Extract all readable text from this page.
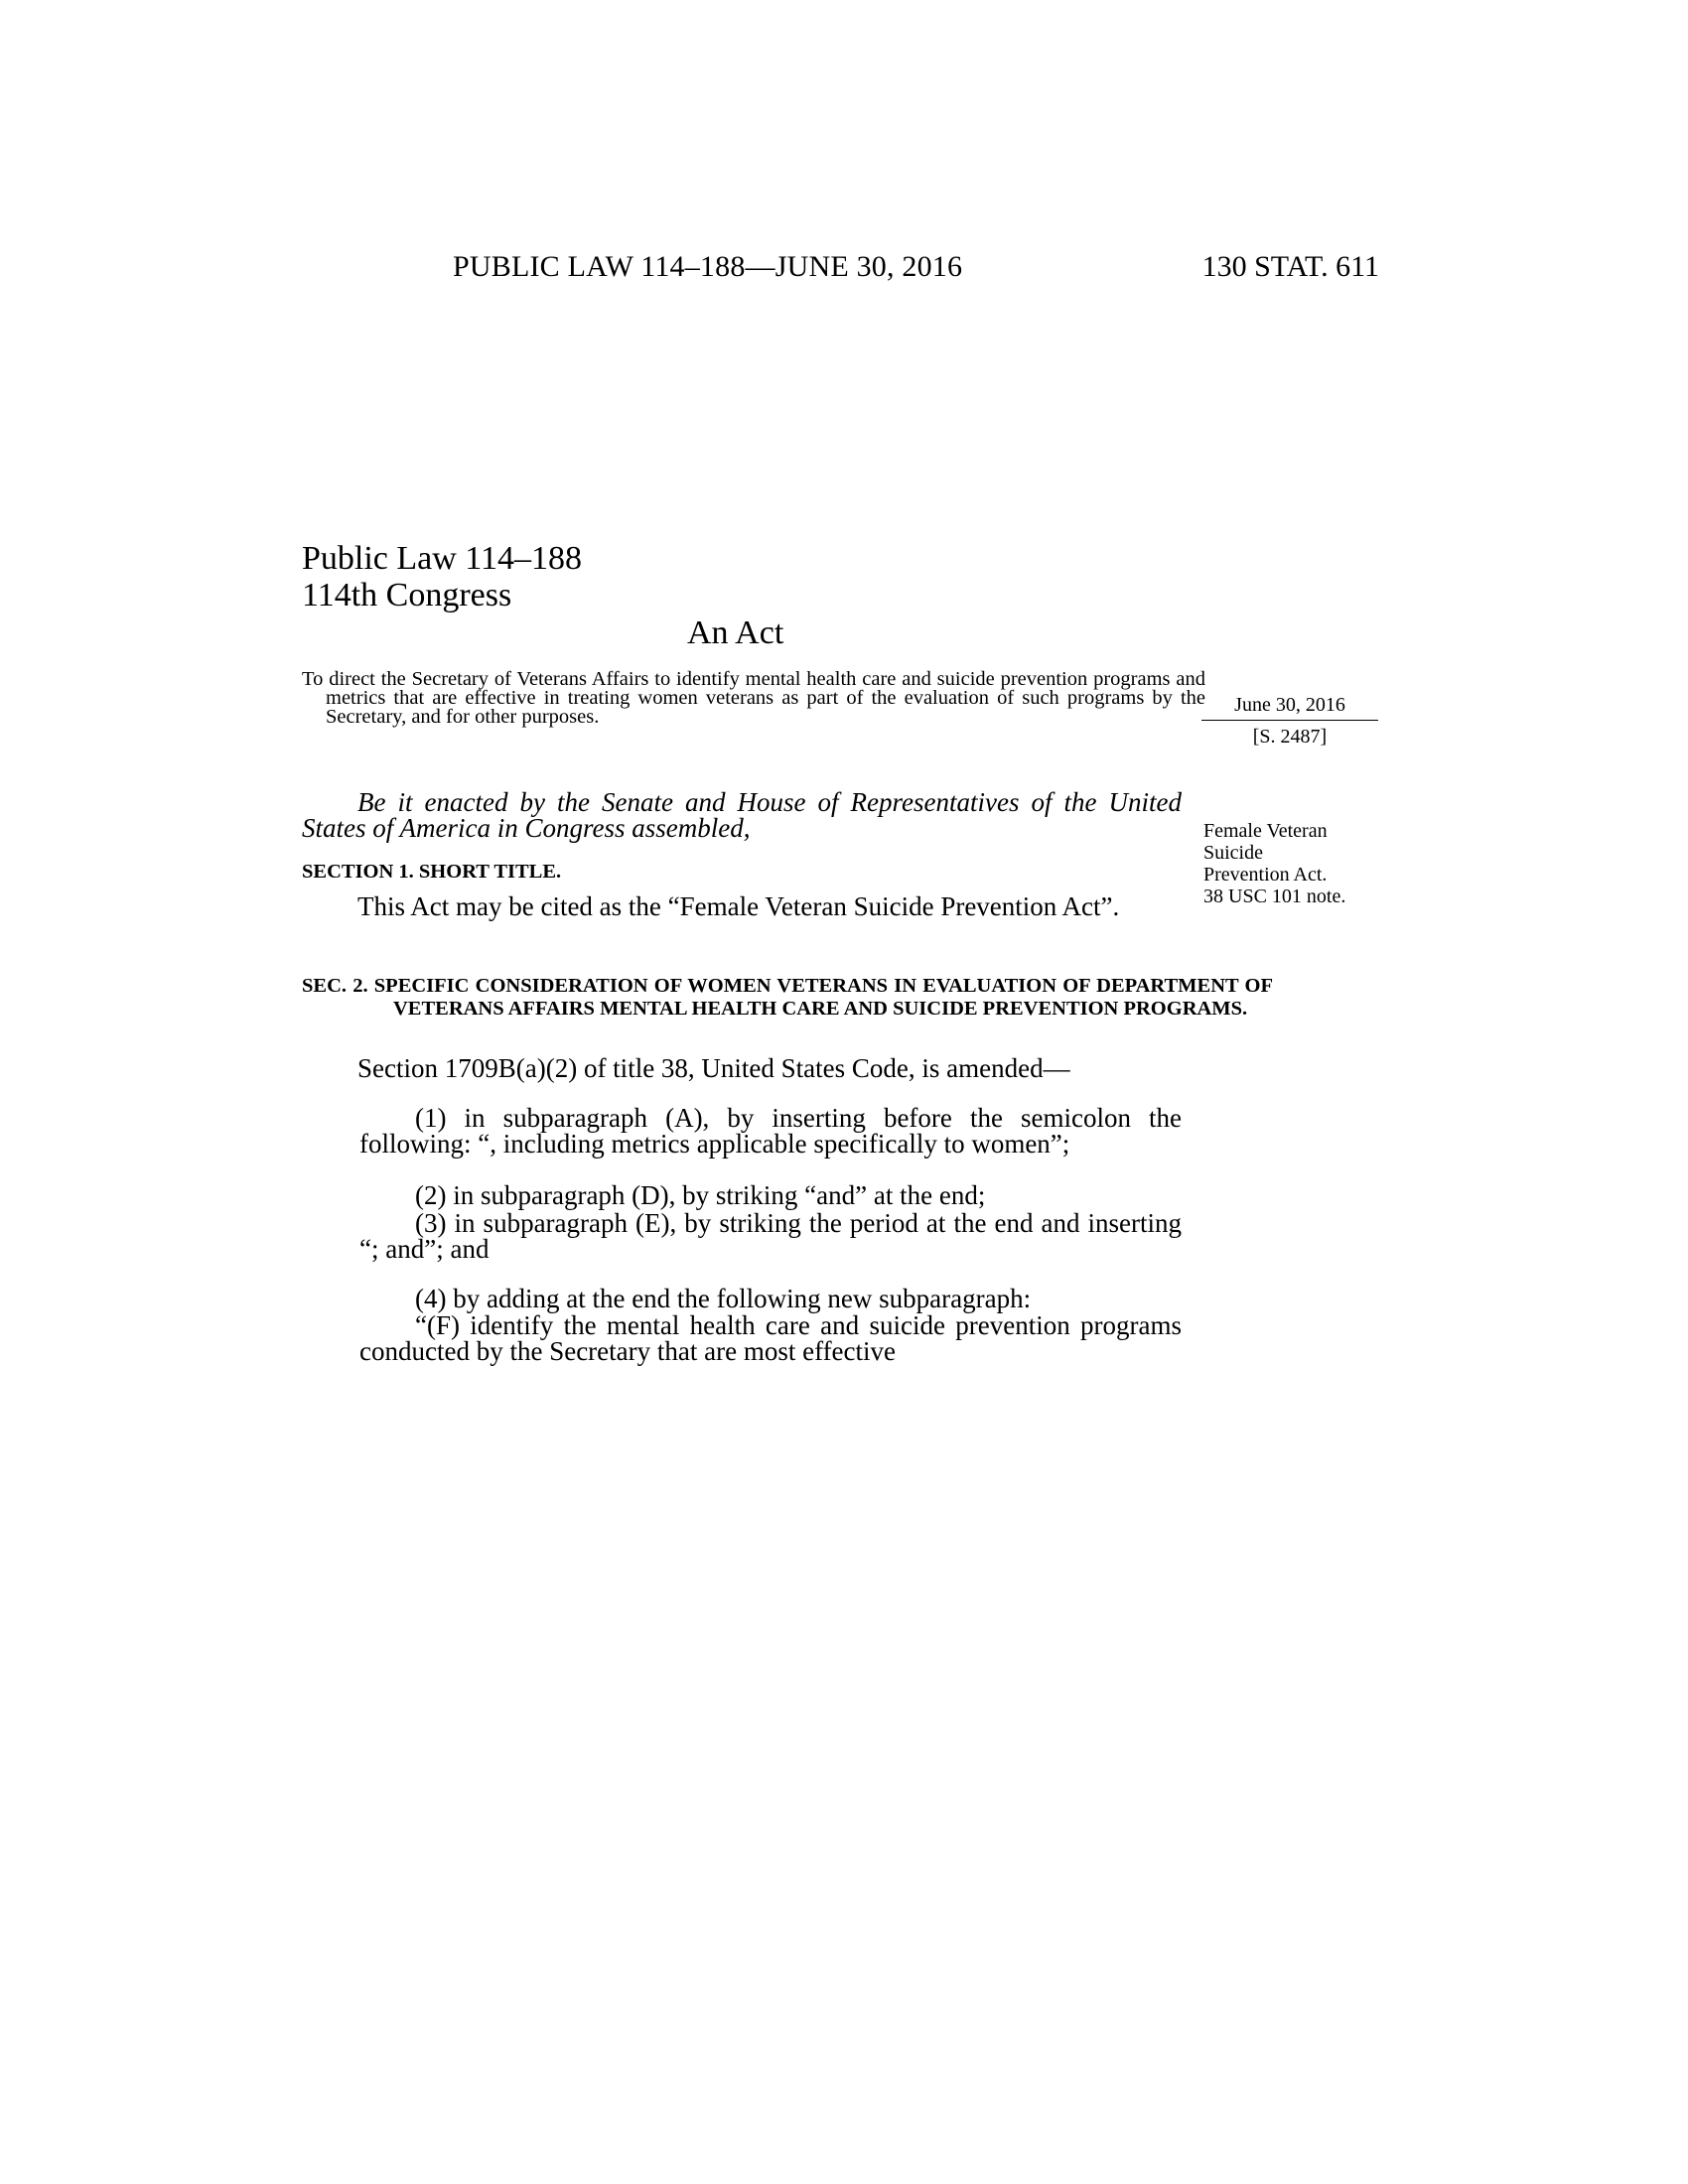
PUBLIC LAW 114–188—JUNE 30, 2016	130 STAT. 611
Public Law 114–188
114th Congress
An Act
To direct the Secretary of Veterans Affairs to identify mental health care and suicide prevention programs and metrics that are effective in treating women veterans as part of the evaluation of such programs by the Secretary, and for other purposes.
June 30, 2016
[S. 2487]
Be it enacted by the Senate and House of Representatives of the United States of America in Congress assembled,	Female Veteran
Suicide
Prevention Act.
38 USC 101 note.
SECTION 1. SHORT TITLE.
This Act may be cited as the “Female Veteran Suicide Prevention Act”.
SEC. 2. SPECIFIC CONSIDERATION OF WOMEN VETERANS IN EVALUATION OF DEPARTMENT OF VETERANS AFFAIRS MENTAL HEALTH CARE AND SUICIDE PREVENTION PROGRAMS.
Section 1709B(a)(2) of title 38, United States Code, is amended—
(1) in subparagraph (A), by inserting before the semicolon the following: “, including metrics applicable specifically to women”;
(2) in subparagraph (D), by striking “and” at the end;
(3) in subparagraph (E), by striking the period at the end and inserting “; and”; and
(4) by adding at the end the following new subparagraph:
“(F) identify the mental health care and suicide prevention programs conducted by the Secretary that are most effective
